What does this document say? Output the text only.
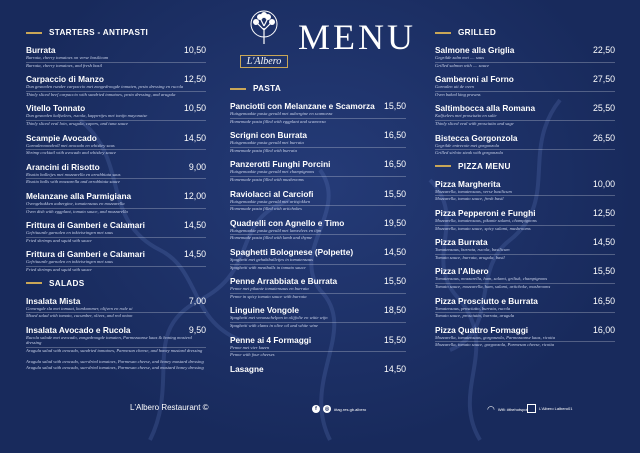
L'Albero
MENU
STARTERS - ANTIPASTI
Burrata	10,50
Burrata, cherry tomatoes on verse basilicum
Burrata, cherry tomatoes, and fresh basil
Carpaccio di Manzo	12,50
Dun gesneden runder carpaccio met zongedroogde tomaten, pesto dressing en rucola
Thinly sliced beef carpaccio with sundried tomatoes, pesto dressing, and arugula
Vitello Tonnato	10,50
Dun gesneden kalfsvlees, rucola, kappertjes met tonijn mayonaise
Thinly sliced veal loin, arugula, capers, and tuna sauce
Scampie Avocado	14,50
Garnalenoondvoll met avocado en whiskey saus
Shrimp cocktail with avocado and whiskey sauce
Arancini di Risotto	9,00
Risotto balletjes met mozzarella en arrabbiata saus
Risotto balls with mozzarella and arrabbiata sauce
Melanzane alla Parmigiana	12,00
Ovengebakken aubergine, tomatensaus en mozzarella
Oven dish with eggplant, tomato sauce, and mozzarella
Frittura di Gamberi e Calamari	14,50
Gefrituurde garnalen en inktvisringen met saus
Fried shrimps and squid with sauce
Frittura di Gamberi e Calamari	14,50
Gefrituurde garnalen en inktvisringen met saus
Fried shrimps and squid with sauce
SALADS
Insalata Mista	7,00
Gemengde sla met tomaat, komkommer, olijven en rode ui
Mixed salad with tomato, cucumber, olives, and red onion
Insalata Avocado e Rucola	9,50
Rucola salade met avocado, zongedroogde tomaten, Parmezaanse kaas & honing mosterd dressing
Arugula salad with avocado, sundried tomatoes, Parmesan cheese, and honey mustard dressing
Arugula salad with avocado, sun-dried tomatoes, Parmesan cheese, and honey mustard dressing Arugula salad with avocado, sun-dried tomatoes, Parmesan cheese, and mustard honey dressing
PASTA
Panciotti con Melanzane e Scamorza 15,50
Huisgemaakte pasta gevuld met aubergine en scamorza
Homemade pasta filled with eggplant and scamorza
Scrigni con Burrata	16,50
Huisgemaakte pasta gevuld met burrata
Homemade pasta filled with burrata
Panzerotti Funghi Porcini	16,50
Huisgemaakte pasta gevuld met champignons
Homemade pasta filled with mushrooms
Raviolacci al Carciofi	15,50
Huisgemaakte pasta gevuld met artisjokken
Homemade pasta filled with artichokes
Quadrelli con Agnello e Timo	19,50
Huisgemaakte pasta gevuld met lamsvlees en tijm
Homemade pasta filled with lamb and thyme
Spaghetti Bolognese (Polpette)	14,50
Spaghetti met gehaktballetjes in tomatensaus
Spaghetti with meatballs in tomato sauce
Penne Arrabbiata e Burrata	15,50
Penne met pikante tomatensaus en burrata
Penne in spicy tomato sauce with burrata
Linguine Vongole	18,50
Spaghetti met venusschelpen in olijfolie en witte wijn
Spaghetti with clams in olive oil and white wine
Penne ai 4 Formaggi	15,50
Penne met vier kazen
Penne with four cheeses
Lasagne	14,50
GRILLED
Salmone alla Griglia	22,50
Gegrilde zalm met .... saus
Grilled salmon with .... sauce
Gamberoni al Forno	27,50
Garnalen uit de oven
Oven baked king prawns
Saltimbocca alla Romana	25,50
Kalfsvlees met prosciutto en salie
Thinly sliced veal with prosciutto and sage
Bistecca Gorgonzola	26,50
Gegrilde entrecote met gorgonzola
Grilled sirloin steak with gorgonzola
PIZZA MENU
Pizza Margherita	10,00
Mozzarella, tomatensaus, verse basilicum
Mozzarella, tomato sauce, fresh basil
Pizza Pepperoni e Funghi	12,50
Mozzarella, tomatensaus, pikante salami, champignons
Mozzarella, tomato sauce, spicy salami, mushrooms
Pizza Burrata	14,50
Tomatensaus, burrata, rucola, basilicum
Tomato sauce, burrata, arugula, basil
Pizza l'Albero	15,50
Tomatensaus, mozzarella, ham, salami, griltuk, champignons
Tomato sauce, mozzarella, ham, salami, artichoke, mushrooms
Pizza Prosciutto e Burrata	16,50
Tomatensaus, prosciutto, burrata, rucola
Tomato sauce, prosciutto, burrata, arugula
Pizza Quattro Formaggi	16,00
Mozzarella, tomatensaus, gorgonzola, Parmezaanse kaas, ricotta
Mozzarella, tomato sauce, gorgonzola, Parmesan cheese, ricotta
L'Albero Restaurant ©	f	◎	#tag.res.gb.albero	◠ Wifi: #thehotspot	L'Albero Lalbero01
